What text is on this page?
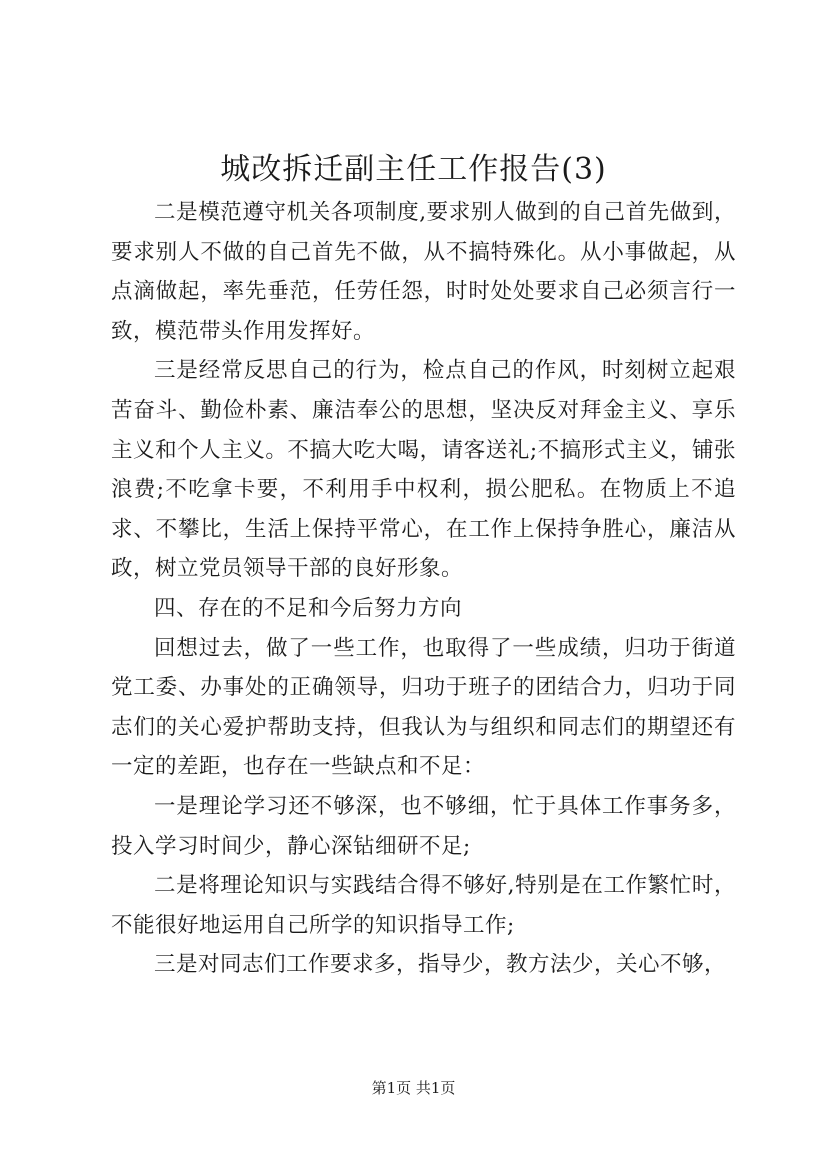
城改拆迁副主任工作报告(3)

二是模范遵守机关各项制度,要求别人做到的自己首先做到，要求别人不做的自己首先不做，从不搞特殊化。从小事做起，从点滴做起，率先垂范，任劳任怨，时时处处要求自己必须言行一致，模范带头作用发挥好。

三是经常反思自己的行为，检点自己的作风，时刻树立起艰苦奋斗、勤俭朴素、廉洁奉公的思想，坚决反对拜金主义、享乐主义和个人主义。不搞大吃大喝，请客送礼;不搞形式主义，铺张浪费;不吃拿卡要，不利用手中权利，损公肥私。在物质上不追求、不攀比，生活上保持平常心，在工作上保持争胜心，廉洁从政，树立党员领导干部的良好形象。

四、存在的不足和今后努力方向

回想过去，做了一些工作，也取得了一些成绩，归功于街道党工委、办事处的正确领导，归功于班子的团结合力，归功于同志们的关心爱护帮助支持，但我认为与组织和同志们的期望还有一定的差距，也存在一些缺点和不足：

一是理论学习还不够深，也不够细，忙于具体工作事务多，投入学习时间少，静心深钻细研不足;

二是将理论知识与实践结合得不够好,特别是在工作繁忙时，不能很好地运用自己所学的知识指导工作;

三是对同志们工作要求多，指导少，教方法少，关心不够，

第1页 共1页
